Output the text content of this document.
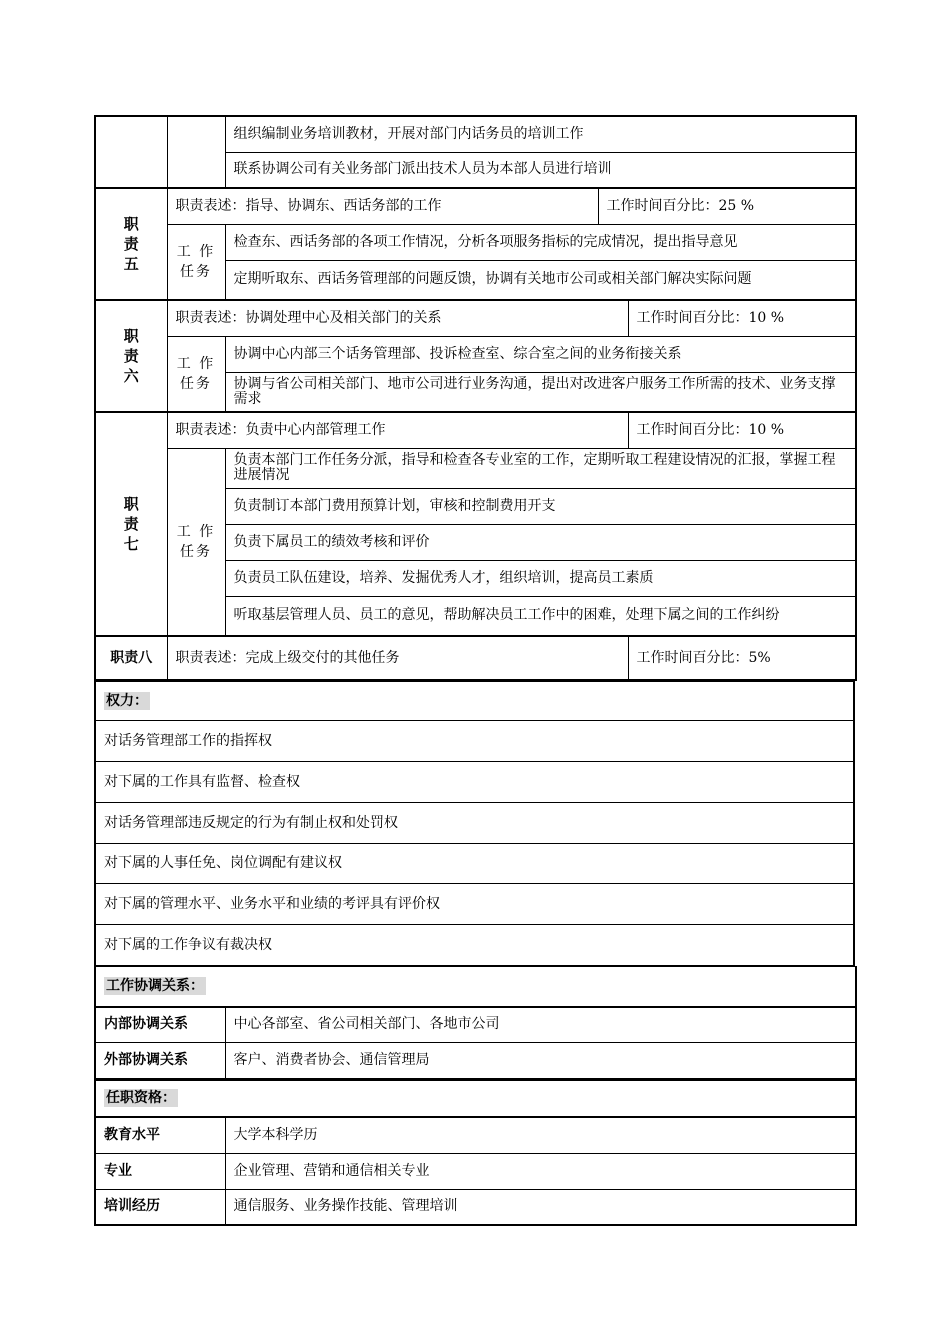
		组织编制业务培训教材，开展对部门内话务员的培训工作		
		联系协调公司有关业务部门派出技术人员为本部人员进行培训		

职
责
五	职责表述：指导、协调东、西话务部的工作		工作时间百分比：25 %	

	工 作
任务	检查东、西话务部的各项工作情况，分析各项服务指标的完成情况，提出指导意见		
		定期听取东、西话务管理部的问题反馈，协调有关地市公司或相关部门解决实际问题		

职
责
六	职责表述：协调处理中心及相关部门的关系			工作时间百分比：10 %

	工 作
任务	协调中心内部三个话务管理部、投诉检查室、综合室之间的业务衔接关系		
		协调与省公司相关部门、地市公司进行业务沟通，提出对改进客户服务工作所需的技术、业务支撑需求		

职
责
七	职责表述：负责中心内部管理工作			工作时间百分比：10 %

	工 作
任务	负责本部门工作任务分派，指导和检查各专业室的工作，定期听取工程建设情况的汇报，掌握工程进展情况		
		负责制订本部门费用预算计划，审核和控制费用开支		
		负责下属员工的绩效考核和评价		
		负责员工队伍建设，培养、发掘优秀人才，组织培训，提高员工素质		
		听取基层管理人员、员工的意见，帮助解决员工工作中的困难，处理下属之间的工作纠纷		
职责八	职责表述：完成上级交付的其他任务			工作时间百分比：5%
权力：
对话务管理部工作的指挥权
对下属的工作具有监督、检查权
对话务管理部违反规定的行为有制止权和处罚权
对下属的人事任免、岗位调配有建议权
对下属的管理水平、业务水平和业绩的考评具有评价权
对下属的工作争议有裁决权
工作协调关系：	
内部协调关系	中心各部室、省公司相关部门、各地市公司
外部协调关系	客户、消费者协会、通信管理局
任职资格：	
教育水平	大学本科学历
专业	企业管理、营销和通信相关专业
培训经历	通信服务、业务操作技能、管理培训
